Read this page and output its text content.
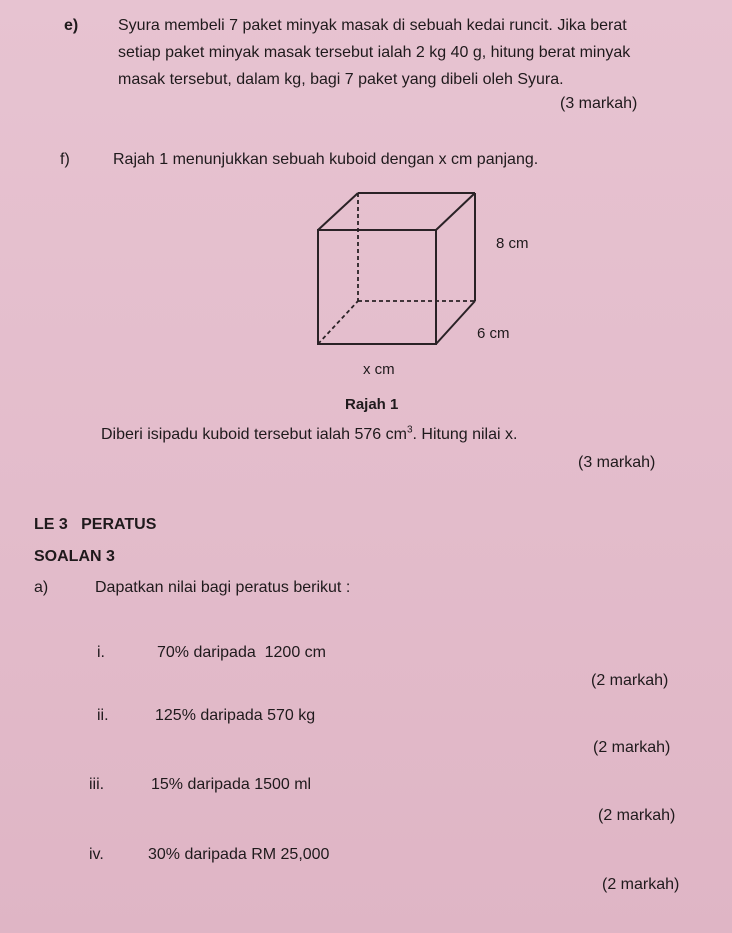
e) Syura membeli 7 paket minyak masak di sebuah kedai runcit. Jika berat
setiap paket minyak masak tersebut ialah 2 kg 40 g, hitung berat minyak
masak tersebut, dalam kg, bagi 7 paket yang dibeli oleh Syura.
(3 markah)
f)	Rajah 1 menunjukkan sebuah kuboid dengan x cm panjang.
8 cm
6 cm
x cm
Rajah 1
Diberi isipadu kuboid tersebut ialah 576 $cm^3$. Hitung nilai x.
(3 markah)
LE 3   PERATUS
SOALAN 3
a)	Dapatkan nilai bagi peratus berikut :
i.	70% daripada  1200 cm
(2 markah)
ii.	125% daripada 570 kg
(2 markah)
iii.	15% daripada 1500 ml
(2 markah)
iv.	30% daripada RM 25,000
(2 markah)
